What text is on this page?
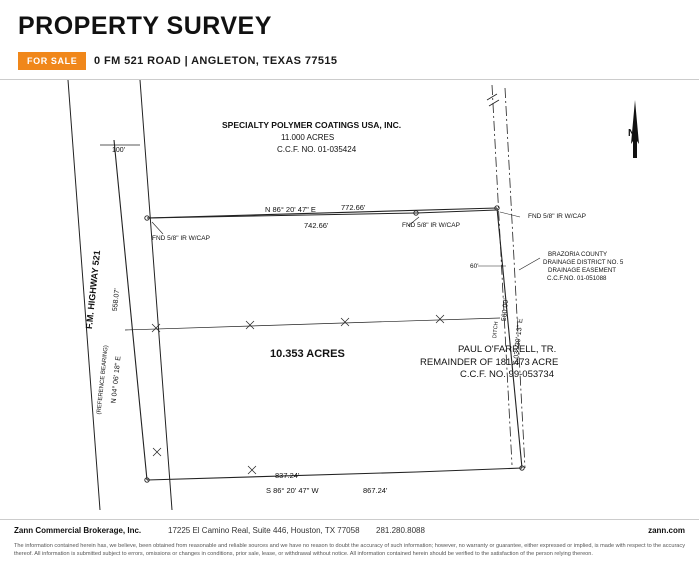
PROPERTY SURVEY
FOR SALE	0 FM 521 ROAD | ANGLETON, TEXAS 77515
SPECIALTY POLYMER COATINGS USA, INC.
11.000 ACRES
C.C.F. NO. 01-035424
100'
N 86° 20' 47" E	772.66'
742.66'
FND 5/8" IR W/CAP
FND 5/8" IR W/CAP
FND 5/8" IR W/CAP
60'
BRAZORIA COUNTY
DRAINAGE DISTRICT NO. 5
DRAINAGE EASEMENT
C.C.F.NO. 01-051088
10.353 ACRES	PAUL O'FARRELL, TR.
REMAINDER OF 181.473 ACRE
C.C.F. NO. 99-053734
S 86° 20' 47" W	867.24'
837.24'
F.M. HIGHWAY 521
(REFERENCE BEARING) N 04° 06' 18" E
558.07'	560.00'
S 03° 39' 13" E
DITCH
N
Zann Commercial Brokerage, Inc.	17225 El Camino Real, Suite 446, Houston, TX 77058 281.280.8088	zann.com
The information contained herein has, we believe, been obtained from reasonable and reliable sources and we have no reason to doubt the accuracy of such information; however, no warranty or guarantee, either expressed or implied, is made with respect to the accuracy thereof. All information is submitted subject to errors, omissions or changes in conditions, prior sale, lease, or withdrawal without notice. All information contained herein should be verified to the satisfaction of the person relying thereon.
